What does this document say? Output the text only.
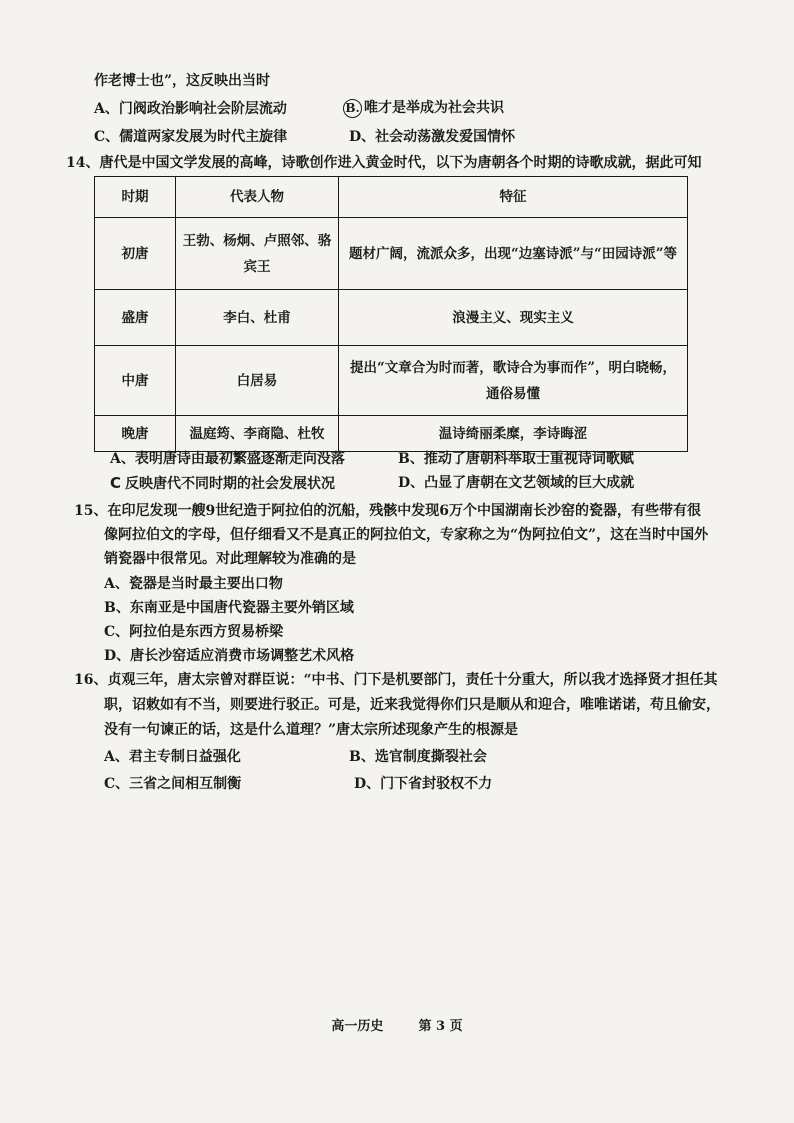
作老博士也”，这反映出当时
A、门阀政治影响社会阶层流动	B. 唯才是举成为社会共识
C、儒道两家发展为时代主旋律	D、社会动荡激发爱国情怀
14、唐代是中国文学发展的高峰，诗歌创作进入黄金时代，以下为唐朝各个时期的诗歌成就，据此可知
时期	代表人物	特征
初唐	王勃、杨炯、卢照邻、骆宾王	题材广阔，流派众多，出现“边塞诗派”与“田园诗派”等
盛唐	李白、杜甫	浪漫主义、现实主义
中唐	白居易	提出“文章合为时而著，歌诗合为事而作”，明白晓畅，通俗易懂
晚唐	温庭筠、李商隐、杜牧	温诗绮丽柔糜，李诗晦涩
A、表明唐诗由最初繁盛逐渐走向没落	B、推动了唐朝科举取士重视诗词歌赋
C 反映唐代不同时期的社会发展状况	D、凸显了唐朝在文艺领域的巨大成就
15、在印尼发现一艘9世纪造于阿拉伯的沉船，残骸中发现6万个中国湖南长沙窑的瓷器，有些带有很
像阿拉伯文的字母，但仔细看又不是真正的阿拉伯文，专家称之为“伪阿拉伯文”，这在当时中国外
销瓷器中很常见。对此理解较为准确的是
A、瓷器是当时最主要出口物
B、东南亚是中国唐代瓷器主要外销区域
C、阿拉伯是东西方贸易桥梁
D、唐长沙窑适应消费市场调整艺术风格
16、贞观三年，唐太宗曾对群臣说：“中书、门下是机要部门，责任十分重大，所以我才选择贤才担任其
职，诏敕如有不当，则要进行驳正。可是，近来我觉得你们只是顺从和迎合，唯唯诺诺，苟且偷安，
没有一句谏正的话，这是什么道理？”唐太宗所述现象产生的根源是
A、君主专制日益强化	B、选官制度撕裂社会
C、三省之间相互制衡	D、门下省封驳权不力
高一历史	第 3 页
